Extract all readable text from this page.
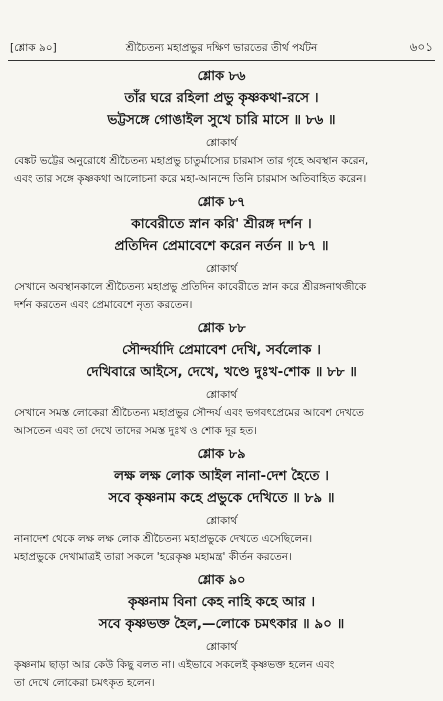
[শ্লোক ৯০]	শ্রীচৈতন্য মহাপ্রভুর দক্ষিণ ভারতের তীর্থ পর্যটন	৬০১
শ্লোক ৮৬
তাঁর ঘরে রহিলা প্রভু কৃষ্ণকথা-রসে ।
ভট্টসঙ্গে গোঙাইল সুখে চারি মাসে ॥ ৮৬ ॥
শ্লোকার্থ
বেঙ্কট ভট্টের অনুরোধে শ্রীচৈতন্য মহাপ্রভু চাতুর্মাস্যের চারমাস তার গৃহে অবস্থান করেন,
এবং তার সঙ্গে কৃষ্ণকথা আলোচনা করে মহা-আনন্দে তিনি চারমাস অতিবাহিত করেন।
শ্লোক ৮৭
কাবেরীতে স্নান করি' শ্রীরঙ্গ দর্শন ।
প্রতিদিন প্রেমাবেশে করেন নর্তন ॥ ৮৭ ॥
শ্লোকার্থ
সেখানে অবস্থানকালে শ্রীচৈতন্য মহাপ্রভু প্রতিদিন কাবেরীতে স্নান করে শ্রীরঙ্গনাথজীকে
দর্শন করতেন এবং প্রেমাবেশে নৃত্য করতেন।
শ্লোক ৮৮
সৌন্দর্যাদি প্রেমাবেশ দেখি, সর্বলোক ।
দেখিবারে আইসে, দেখে, খণ্ডে দুঃখ-শোক ॥ ৮৮ ॥
শ্লোকার্থ
সেখানে সমস্ত লোকেরা শ্রীচৈতন্য মহাপ্রভুর সৌন্দর্য এবং ভগবৎপ্রেমের আবেশ দেখতে
আসতেন এবং তা দেখে তাদের সমস্ত দুঃখ ও শোক দূর হত।
শ্লোক ৮৯
লক্ষ লক্ষ লোক আইল নানা-দেশ হৈতে ।
সবে কৃষ্ণনাম কহে প্রভুকে দেখিতে ॥ ৮৯ ॥
শ্লোকার্থ
নানাদেশ থেকে লক্ষ লক্ষ লোক শ্রীচৈতন্য মহাপ্রভুকে দেখতে এসেছিলেন।
মহাপ্রভুকে দেখামাত্রই তারা সকলে 'হরেকৃষ্ণ মহামন্ত্র' কীর্তন করতেন।
শ্লোক ৯০
কৃষ্ণনাম বিনা কেহ নাহি কহে আর ।
সবে কৃষ্ণভক্ত হৈল,—লোকে চমৎকার ॥ ৯০ ॥
শ্লোকার্থ
কৃষ্ণনাম ছাড়া আর কেউ কিছু বলত না। এইভাবে সকলেই কৃষ্ণভক্ত হলেন এবং
তা দেখে লোকেরা চমৎকৃত হলেন।
